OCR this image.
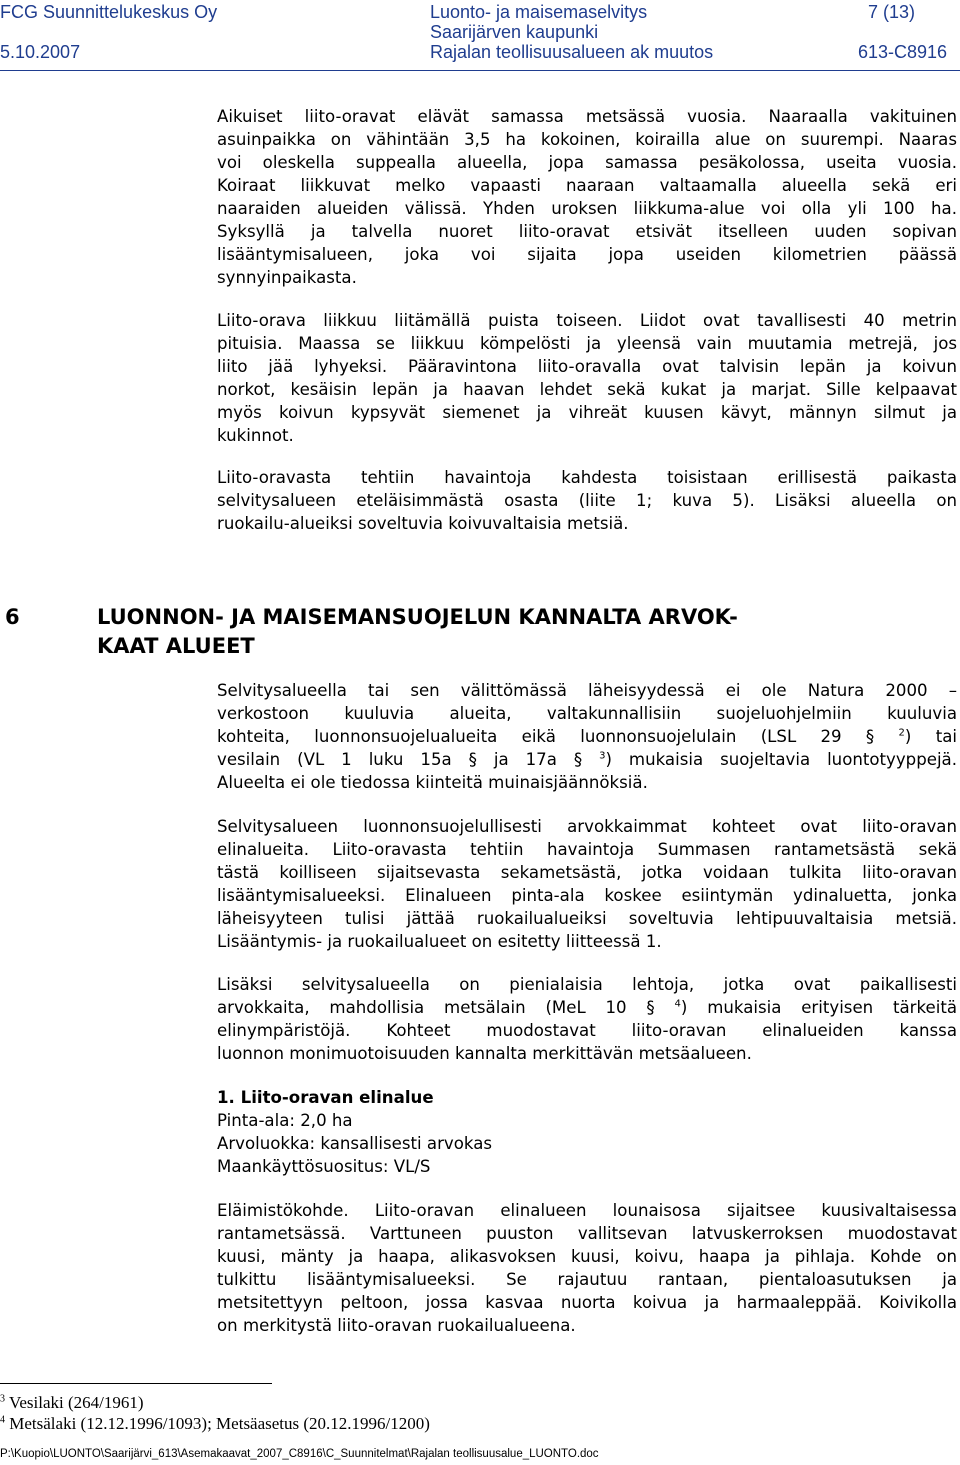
FCG Suunnittelukeskus Oy
5.10.2007
Luonto- ja maisemaselvitys
Saarijärven kaupunki
Rajalan teollisuusalueen ak muutos
7 (13)
613-C8916
Aikuiset liito-oravat elävät samassa metsässä vuosia. Naaraalla vakituinen
asuinpaikka on vähintään 3,5 ha kokoinen, koirailla alue on suurempi. Naaras
voi oleskella suppealla alueella, jopa samassa pesäkolossa, useita vuosia.
Koiraat liikkuvat melko vapaasti naaraan valtaamalla alueella sekä eri
naaraiden alueiden välissä. Yhden uroksen liikkuma-alue voi olla yli 100 ha.
Syksyllä ja talvella nuoret liito-oravat etsivät itselleen uuden sopivan
lisääntymisalueen, joka voi sijaita jopa useiden kilometrien päässä
synnyinpaikasta.
Liito-orava liikkuu liitämällä puista toiseen. Liidot ovat tavallisesti 40 metrin
pituisia. Maassa se liikkuu kömpelösti ja yleensä vain muutamia metrejä, jos
liito jää lyhyeksi. Pääravintona liito-oravalla ovat talvisin lepän ja koivun
norkot, kesäisin lepän ja haavan lehdet sekä kukat ja marjat. Sille kelpaavat
myös koivun kypsyvät siemenet ja vihreät kuusen kävyt, männyn silmut ja
kukinnot.
Liito-oravasta tehtiin havaintoja kahdesta toisistaan erillisestä paikasta
selvitysalueen eteläisimmästä osasta (liite 1; kuva 5). Lisäksi alueella on
ruokailu-alueiksi soveltuvia koivuvaltaisia metsiä.
6	LUONNON- JA MAISEMANSUOJELUN KANNALTA ARVOK-
KAAT ALUEET
Selvitysalueella tai sen välittömässä läheisyydessä ei ole Natura 2000 –
verkostoon kuuluvia alueita, valtakunnallisiin suojeluohjelmiin kuuluvia
kohteita, luonnonsuojelualueita eikä luonnonsuojelulain (LSL 29 § $^2$) tai
vesilain (VL 1 luku 15a § ja 17a § $^3$) mukaisia suojeltavia luontotyyppejä.
Alueelta ei ole tiedossa kiinteitä muinaisjäännöksiä.
Selvitysalueen luonnonsuojelullisesti arvokkaimmat kohteet ovat liito-oravan
elinalueita. Liito-oravasta tehtiin havaintoja Summasen rantametsästä sekä
tästä koilliseen sijaitsevasta sekametsästä, jotka voidaan tulkita liito-oravan
lisääntymisalueeksi. Elinalueen pinta-ala koskee esiintymän ydinaluetta, jonka
läheisyyteen tulisi jättää ruokailualueiksi soveltuvia lehtipuuvaltaisia metsiä.
Lisääntymis- ja ruokailualueet on esitetty liitteessä 1.
Lisäksi selvitysalueella on pienialaisia lehtoja, jotka ovat paikallisesti
arvokkaita, mahdollisia metsälain (MeL 10 § $^4$) mukaisia erityisen tärkeitä
elinympäristöjä. Kohteet muodostavat liito-oravan elinalueiden kanssa
luonnon monimuotoisuuden kannalta merkittävän metsäalueen.
1. Liito-oravan elinalue
Pinta-ala: 2,0 ha
Arvoluokka: kansallisesti arvokas
Maankäyttösuositus: VL/S
Eläimistökohde. Liito-oravan elinalueen lounaisosa sijaitsee kuusivaltaisessa
rantametsässä. Varttuneen puuston vallitsevan latvuskerroksen muodostavat
kuusi, mänty ja haapa, alikasvoksen kuusi, koivu, haapa ja pihlaja. Kohde on
tulkittu lisääntymisalueeksi. Se rajautuu rantaan, pientaloasutuksen ja
metsitettyyn peltoon, jossa kasvaa nuorta koivua ja harmaaleppää. Koivikolla
on merkitystä liito-oravan ruokailualueena.
$^3$ Vesilaki (264/1961)
$^4$ Metsälaki (12.12.1996/1093); Metsäasetus (20.12.1996/1200)
P:\Kuopio\LUONTO\Saarijärvi_613\Asemakaavat_2007_C8916\C_Suunnitelmat\Rajalan teollisuusalue_LUONTO.doc
